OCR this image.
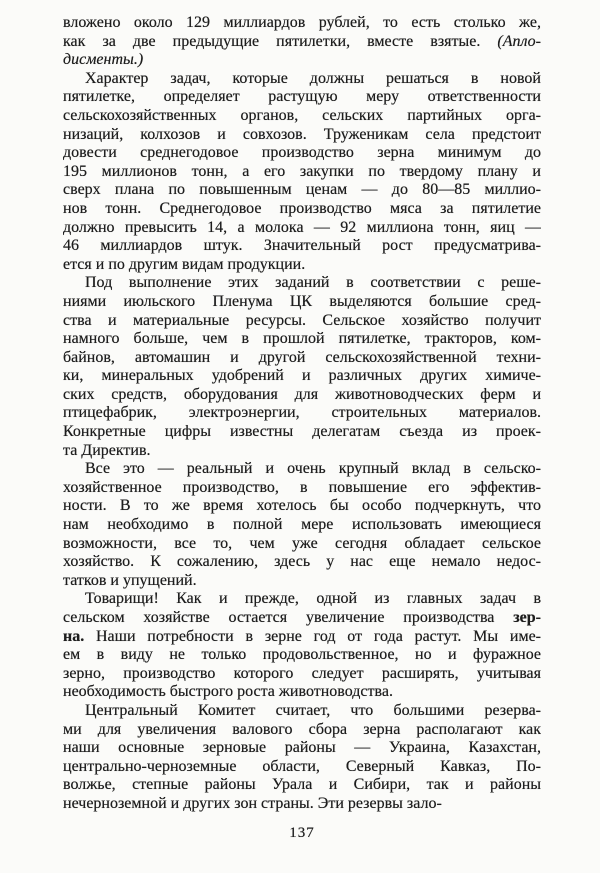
вложено около 129 миллиардов рублей, то есть столько же,
как за две предыдущие пятилетки, вместе взятые. (Апло-
дисменты.)
Характер задач, которые должны решаться в новой
пятилетке, определяет растущую меру ответственности
сельскохозяйственных органов, сельских партийных орга-
низаций, колхозов и совхозов. Труженикам села предстоит
довести среднегодовое производство зерна минимум до
195 миллионов тонн, а его закупки по твердому плану и
сверх плана по повышенным ценам — до 80—85 миллио-
нов тонн. Среднегодовое производство мяса за пятилетие
должно превысить 14, а молока — 92 миллиона тонн, яиц —
46 миллиардов штук. Значительный рост предусматрива-
ется и по другим видам продукции.
Под выполнение этих заданий в соответствии с реше-
ниями июльского Пленума ЦК выделяются большие сред-
ства и материальные ресурсы. Сельское хозяйство получит
намного больше, чем в прошлой пятилетке, тракторов, ком-
байнов, автомашин и другой сельскохозяйственной техни-
ки, минеральных удобрений и различных других химиче-
ских средств, оборудования для животноводческих ферм и
птицефабрик, электроэнергии, строительных материалов.
Конкретные цифры известны делегатам съезда из проек-
та Директив.
Все это — реальный и очень крупный вклад в сельско-
хозяйственное производство, в повышение его эффектив-
ности. В то же время хотелось бы особо подчеркнуть, что
нам необходимо в полной мере использовать имеющиеся
возможности, все то, чем уже сегодня обладает сельское
хозяйство. К сожалению, здесь у нас еще немало недос-
татков и упущений.
Товарищи! Как и прежде, одной из главных задач в
сельском хозяйстве остается увеличение производства зер-
на. Наши потребности в зерне год от года растут. Мы име-
ем в виду не только продовольственное, но и фуражное
зерно, производство которого следует расширять, учитывая
необходимость быстрого роста животноводства.
Центральный Комитет считает, что большими резерва-
ми для увеличения валового сбора зерна располагают как
наши основные зерновые районы — Украина, Казахстан,
центрально-черноземные области, Северный Кавказ, По-
волжье, степные районы Урала и Сибири, так и районы
нечерноземной и других зон страны. Эти резервы зало-
137
